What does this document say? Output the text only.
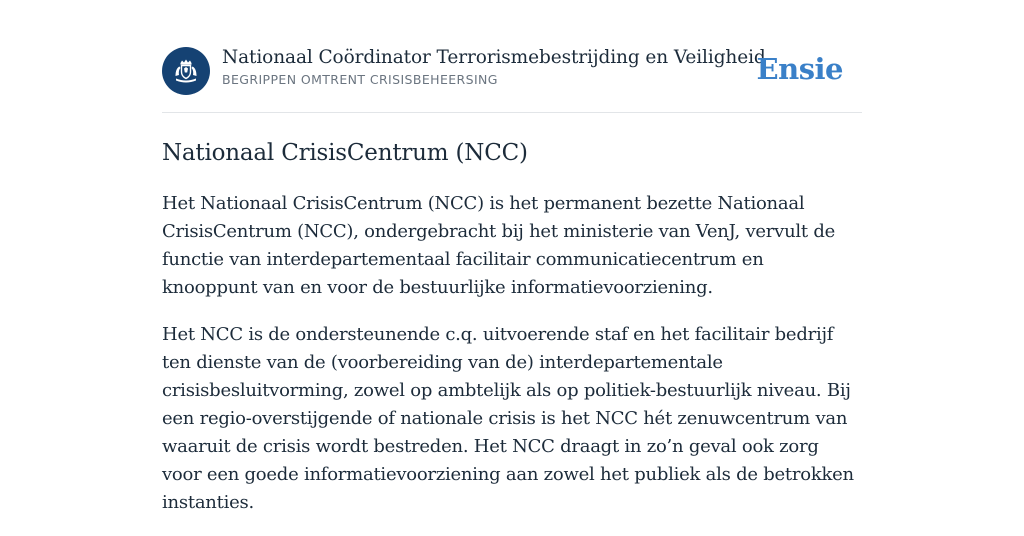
Nationaal Coördinator Terrorismebestrijding en Veiligheid
BEGRIPPEN OMTRENT CRISISBEHEERSING	Ensie
Nationaal CrisisCentrum (NCC)

Het Nationaal CrisisCentrum (NCC) is het permanent bezette Nationaal CrisisCentrum (NCC), ondergebracht bij het ministerie van VenJ, vervult de functie van interdepartementaal facilitair communicatiecentrum en knooppunt van en voor de bestuurlijke informatievoorziening.

Het NCC is de ondersteunende c.q. uitvoerende staf en het facilitair bedrijf ten dienste van de (voorbereiding van de) interdepartementale crisisbesluitvorming, zowel op ambtelijk als op politiek-bestuurlijk niveau. Bij een regio-overstijgende of nationale crisis is het NCC hét zenuwcentrum van waaruit de crisis wordt bestreden. Het NCC draagt in zo’n geval ook zorg voor een goede informatievoorziening aan zowel het publiek als de betrokken instanties.
